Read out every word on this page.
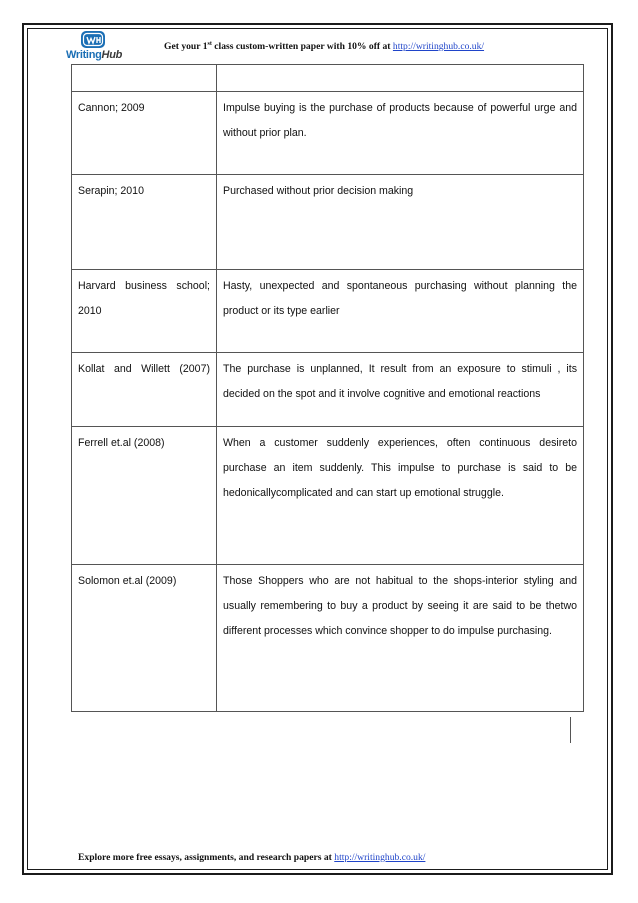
WritingHub
Get your 1st class custom-written paper with 10% off at http://writinghub.co.uk/

Cannon; 2009	Impulse buying is the purchase of products because of powerful urge and without prior plan.
Serapin; 2010	Purchased without prior decision making
Harvard business school; 2010	Hasty, unexpected and spontaneous purchasing without planning the product or its type earlier
Kollat and Willett (2007)	The purchase is unplanned, It result from an exposure to stimuli , its decided on the spot and it involve cognitive and emotional reactions
Ferrell et.al (2008)	When a customer suddenly experiences, often continuous desireto purchase an item suddenly. This impulse to purchase is said to be hedonicallycomplicated and can start up emotional struggle.
Solomon et.al (2009)	Those Shoppers who are not habitual to the shops-interior styling and usually remembering to buy a product by seeing it are said to be thetwo different processes which convince shopper to do impulse purchasing.
Explore more free essays, assignments, and research papers at http://writinghub.co.uk/
